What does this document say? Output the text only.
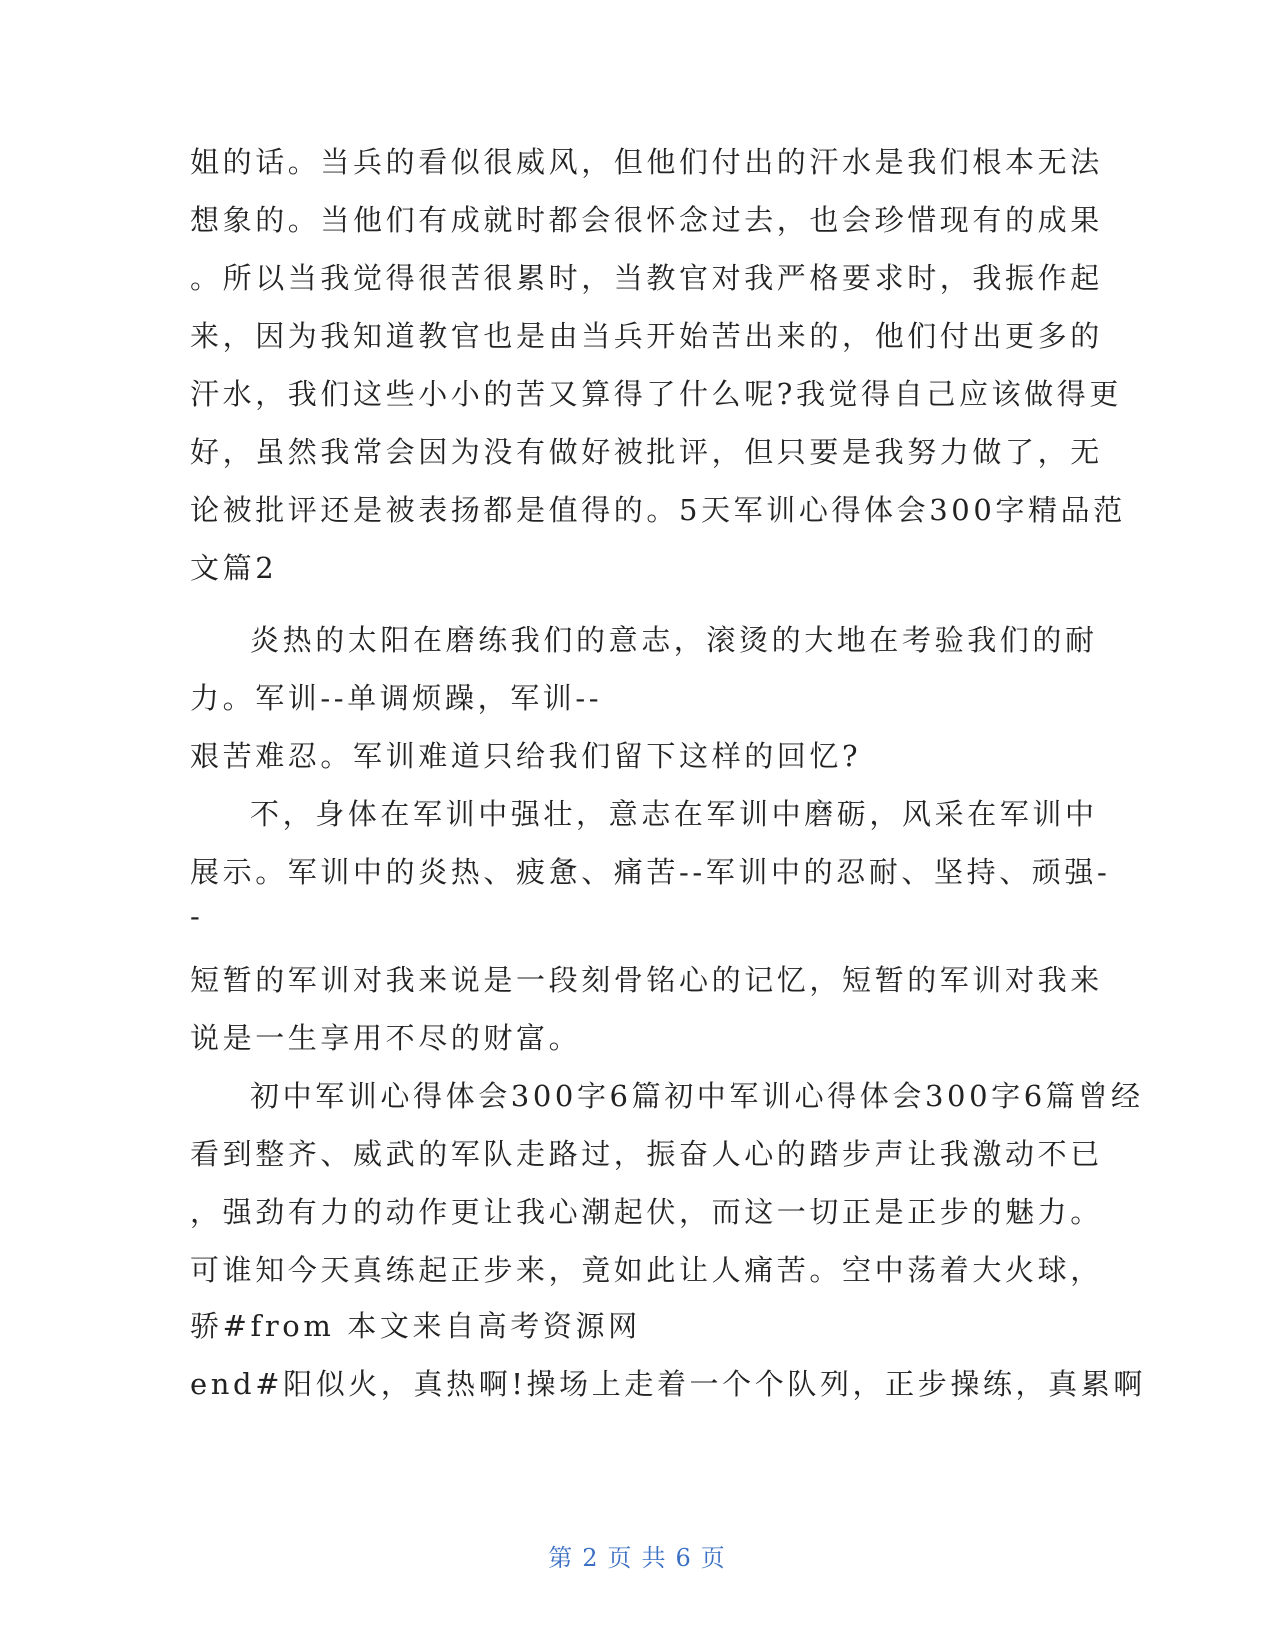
姐的话。当兵的看似很威风，但他们付出的汗水是我们根本无法
想象的。当他们有成就时都会很怀念过去，也会珍惜现有的成果
。所以当我觉得很苦很累时，当教官对我严格要求时，我振作起
来，因为我知道教官也是由当兵开始苦出来的，他们付出更多的
汗水，我们这些小小的苦又算得了什么呢?我觉得自己应该做得更
好，虽然我常会因为没有做好被批评，但只要是我努力做了，无
论被批评还是被表扬都是值得的。5天军训心得体会300字精品范
文篇2
炎热的太阳在磨练我们的意志，滚烫的大地在考验我们的耐
力。军训--单调烦躁，军训--
艰苦难忍。军训难道只给我们留下这样的回忆?
不，身体在军训中强壮，意志在军训中磨砺，风采在军训中
展示。军训中的炎热、疲惫、痛苦--军训中的忍耐、坚持、顽强-
-
短暂的军训对我来说是一段刻骨铭心的记忆，短暂的军训对我来
说是一生享用不尽的财富。
初中军训心得体会300字6篇初中军训心得体会300字6篇曾经
看到整齐、威武的军队走路过，振奋人心的踏步声让我激动不已
，强劲有力的动作更让我心潮起伏，而这一切正是正步的魅力。
可谁知今天真练起正步来，竟如此让人痛苦。空中荡着大火球，
骄#from 本文来自高考资源网
end#阳似火，真热啊!操场上走着一个个队列，正步操练，真累啊
第 2 页 共 6 页
